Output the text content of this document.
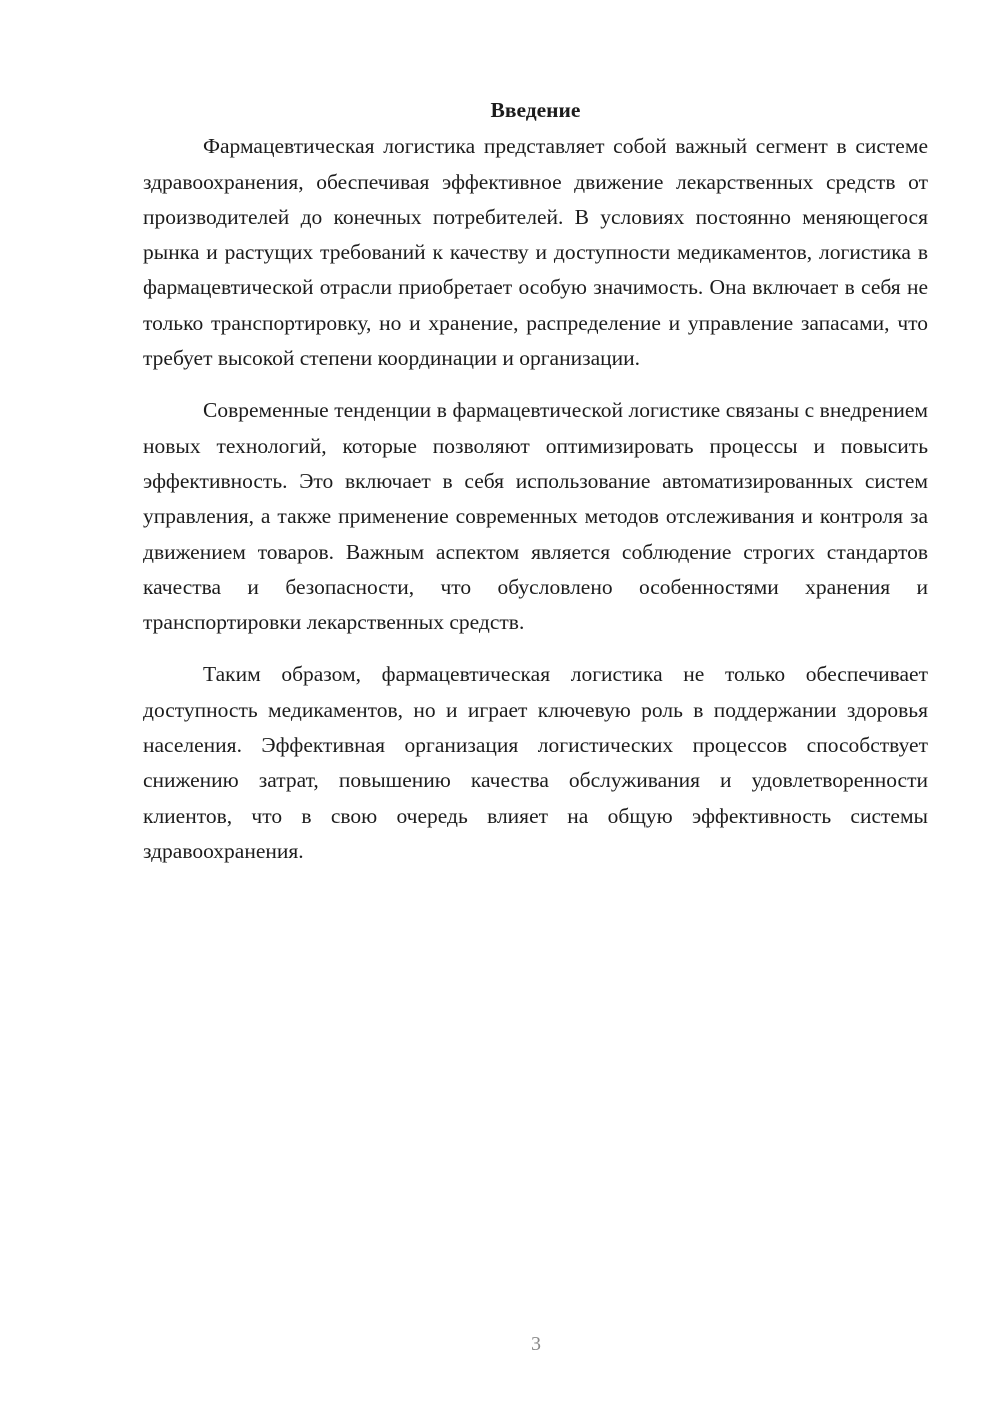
Введение

Фармацевтическая логистика представляет собой важный сегмент в системе здравоохранения, обеспечивая эффективное движение лекарственных средств от производителей до конечных потребителей. В условиях постоянно меняющегося рынка и растущих требований к качеству и доступности медикаментов, логистика в фармацевтической отрасли приобретает особую значимость. Она включает в себя не только транспортировку, но и хранение, распределение и управление запасами, что требует высокой степени координации и организации.

Современные тенденции в фармацевтической логистике связаны с внедрением новых технологий, которые позволяют оптимизировать процессы и повысить эффективность. Это включает в себя использование автоматизированных систем управления, а также применение современных методов отслеживания и контроля за движением товаров. Важным аспектом является соблюдение строгих стандартов качества и безопасности, что обусловлено особенностями хранения и транспортировки лекарственных средств.

Таким образом, фармацевтическая логистика не только обеспечивает доступность медикаментов, но и играет ключевую роль в поддержании здоровья населения. Эффективная организация логистических процессов способствует снижению затрат, повышению качества обслуживания и удовлетворенности клиентов, что в свою очередь влияет на общую эффективность системы здравоохранения.

3
